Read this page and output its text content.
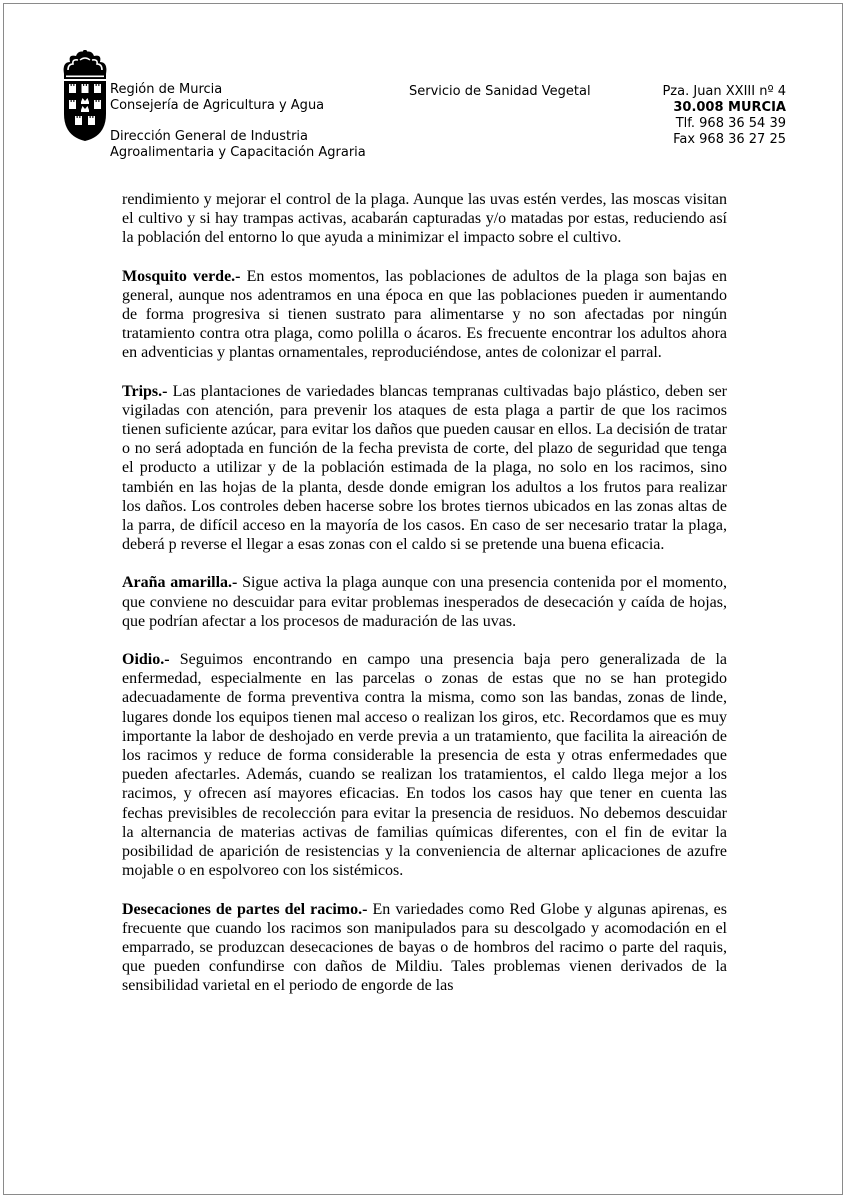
Región de Murcia
Consejería de Agricultura y Agua
Dirección General de Industria
Agroalimentaria y Capacitación Agraria
Servicio de Sanidad Vegetal	Pza. Juan XXIII nº 4
30.008 MURCIA
Tlf. 968 36 54 39
Fax 968 36 27 25

rendimiento y mejorar el control de la plaga. Aunque las uvas estén verdes, las moscas visitan el cultivo y si hay trampas activas, acabarán capturadas y/o matadas por estas, reduciendo así la población del entorno lo que ayuda a minimizar el impacto sobre el cultivo.

Mosquito verde.- En estos momentos, las poblaciones de adultos de la plaga son bajas en general, aunque nos adentramos en una época en que las poblaciones pueden ir aumentando de forma progresiva si tienen sustrato para alimentarse y no son afectadas por ningún tratamiento contra otra plaga, como polilla o ácaros. Es frecuente encontrar los adultos ahora en adventicias y plantas ornamentales, reproduciéndose, antes de colonizar el parral.

Trips.- Las plantaciones de variedades blancas tempranas cultivadas bajo plástico, deben ser vigiladas con atención, para prevenir los ataques de esta plaga a partir de que los racimos tienen suficiente azúcar, para evitar los daños que pueden causar en ellos. La decisión de tratar o no será adoptada en función de la fecha prevista de corte, del plazo de seguridad que tenga el producto a utilizar y de la población estimada de la plaga, no solo en los racimos, sino también en las hojas de la planta, desde donde emigran los adultos a los frutos para realizar los daños. Los controles deben hacerse sobre los brotes tiernos ubicados en las zonas altas de la parra, de difícil acceso en la mayoría de los casos. En caso de ser necesario tratar la plaga, deberá p reverse el llegar a esas zonas con el caldo si se pretende una buena eficacia.

Araña amarilla.- Sigue activa la plaga aunque con una presencia contenida por el momento, que conviene no descuidar para evitar problemas inesperados de desecación y caída de hojas, que podrían afectar a los procesos de maduración de las uvas.

Oidio.- Seguimos encontrando en campo una presencia baja pero generalizada de la enfermedad, especialmente en las parcelas o zonas de estas que no se han protegido adecuadamente de forma preventiva contra la misma, como son las bandas, zonas de linde, lugares donde los equipos tienen mal acceso o realizan los giros, etc. Recordamos que es muy importante la labor de deshojado en verde previa a un tratamiento, que facilita la aireación de los racimos y reduce de forma considerable la presencia de esta y otras enfermedades que pueden afectarles. Además, cuando se realizan los tratamientos, el caldo llega mejor a los racimos, y ofrecen así mayores eficacias. En todos los casos hay que tener en cuenta las fechas previsibles de recolección para evitar la presencia de residuos. No debemos descuidar la alternancia de materias activas de familias químicas diferentes, con el fin de evitar la posibilidad de aparición de resistencias y la conveniencia de alternar aplicaciones de azufre mojable o en espolvoreo con los sistémicos.

Desecaciones de partes del racimo.- En variedades como Red Globe y algunas apirenas, es frecuente que cuando los racimos son manipulados para su descolgado y acomodación en el emparrado, se produzcan desecaciones de bayas o de hombros del racimo o parte del raquis, que pueden confundirse con daños de Mildiu. Tales problemas vienen derivados de la sensibilidad varietal en el periodo de engorde de las
